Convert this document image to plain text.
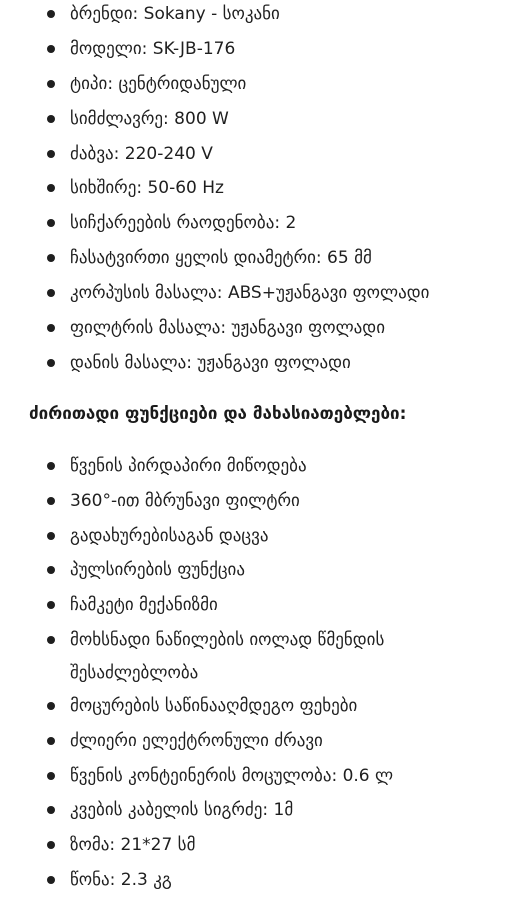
ბრენდი: Sokany - სოკანი
მოდელი: SK-JB-176
ტიპი: ცენტრიდანული
სიმძლავრე: 800 W
ძაბვა: 220-240 V
სიხშირე: 50-60 Hz
სიჩქარეების რაოდენობა: 2
ჩასატვირთი ყელის დიამეტრი: 65 მმ
კორპუსის მასალა: ABS+უჟანგავი ფოლადი
ფილტრის მასალა: უჟანგავი ფოლადი
დანის მასალა: უჟანგავი ფოლადი
ძირითადი ფუნქციები და მახასიათებლები:
წვენის პირდაპირი მიწოდება
360°-ით მბრუნავი ფილტრი
გადახურებისაგან დაცვა
პულსირების ფუნქცია
ჩამკეტი მექანიზმი
მოხსნადი ნაწილების იოლად წმენდის შესაძლებლობა
მოცურების საწინააღმდეგო ფეხები
ძლიერი ელექტრონული ძრავი
წვენის კონტეინერის მოცულობა: 0.6 ლ
კვების კაბელის სიგრძე: 1მ
ზომა: 21*27 სმ
წონა: 2.3 კგ
